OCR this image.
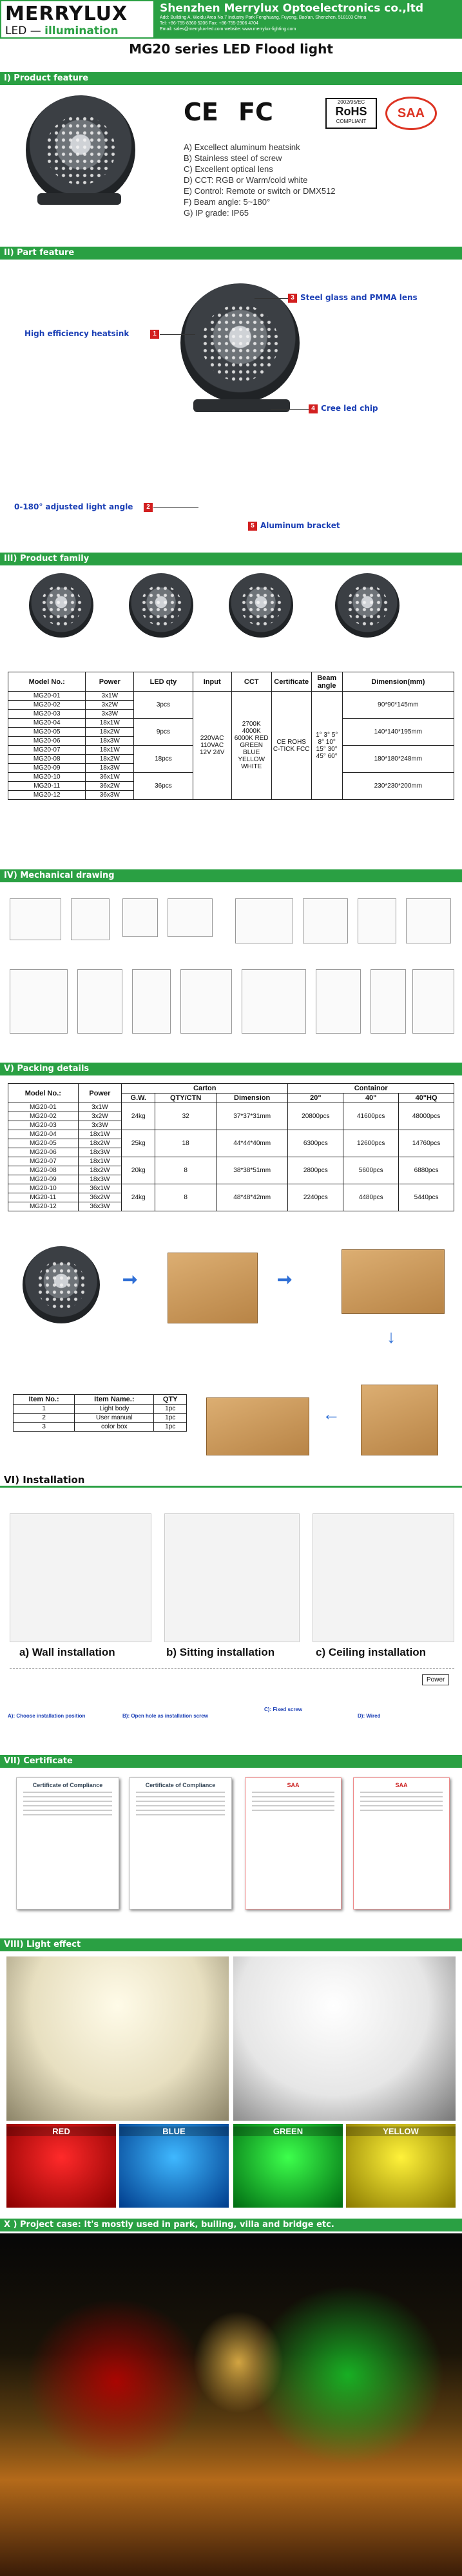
MERRYLUX
LED — illumination
Shenzhen Merrylux Optoelectronics co.,ltd
Add: Building A, Weidu Area No.7 Industry Park Fenghuang, Fuyong, Bao'an, Shenzhen, 518103 China
Tel: +86-755-8360 5206 Fax: +86-755-2906 4704
Email: sales@merrylux-led.com website: www.merrylux-lighting.com
MG20 series LED Flood light
I) Product feature
CE FC	2002/95/EC
RoHS
COMPLIANT
SAA
A) Excellect aluminum heatsink
B) Stainless steel of screw
C) Excellent optical lens
D) CCT: RGB or Warm/cold white
E) Control: Remote or switch or DMX512
F) Beam angle: 5~180°
G) IP grade: IP65
II) Part feature
High efficiency heatsink	1
3 Steel glass and PMMA lens
4 Cree led chip
0-180° adjusted light angle	2
5 Aluminum bracket
III) Product family
Model No.:	Power	LED qty	Input	CCT	Certificate	Beam angle	Dimension(mm)
MG20-01	3x1W	3pcs	220VAC 110VAC 12V 24V	2700K 4000K 6000K RED GREEN BLUE YELLOW WHITE	CE ROHS C-TICK FCC	1° 3° 5° 8° 10° 15° 30° 45° 60°	90*90*145mm
MG20-02	3x2W						
MG20-03	3x3W						
MG20-04	18x1W	9pcs					140*140*195mm
MG20-05	18x2W						
MG20-06	18x3W						
MG20-07	18x1W	18pcs					180*180*248mm
MG20-08	18x2W						
MG20-09	18x3W						
MG20-10	36x1W	36pcs					230*230*200mm
MG20-11	36x2W						
MG20-12	36x3W						
IV) Mechanical drawing
V) Packing details
Model No.:	Power	Carton			Containor		
		G.W.	QTY/CTN	Dimension	20"	40"	40"HQ
MG20-01	3x1W	24kg	32	37*37*31mm	20800pcs	41600pcs	48000pcs
MG20-02	3x2W						
MG20-03	3x3W						
MG20-04	18x1W	25kg	18	44*44*40mm	6300pcs	12600pcs	14760pcs
MG20-05	18x2W						
MG20-06	18x3W						
MG20-07	18x1W	20kg	8	38*38*51mm	2800pcs	5600pcs	6880pcs
MG20-08	18x2W						
MG20-09	18x3W						
MG20-10	36x1W	24kg	8	48*48*42mm	2240pcs	4480pcs	5440pcs
MG20-11	36x2W						
MG20-12	36x3W						
➞	➞
↓
←
Item No.:	Item Name.:	QTY
1	Light body	1pc
2	User manual	1pc
3	color box	1pc
VI) Installation
a) Wall installation	b) Sitting installation	c) Ceiling installation
Power
A): Choose installation position	B): Open hole as installation screw
C): Fixed screw
D): Wired
VII) Certificate
Certificate of Compliance	Certificate of Compliance	SAA	SAA
VIII) Light effect
RED	BLUE	GREEN	YELLOW
X ) Project case: It's mostly used in park, builing, villa and bridge etc.
